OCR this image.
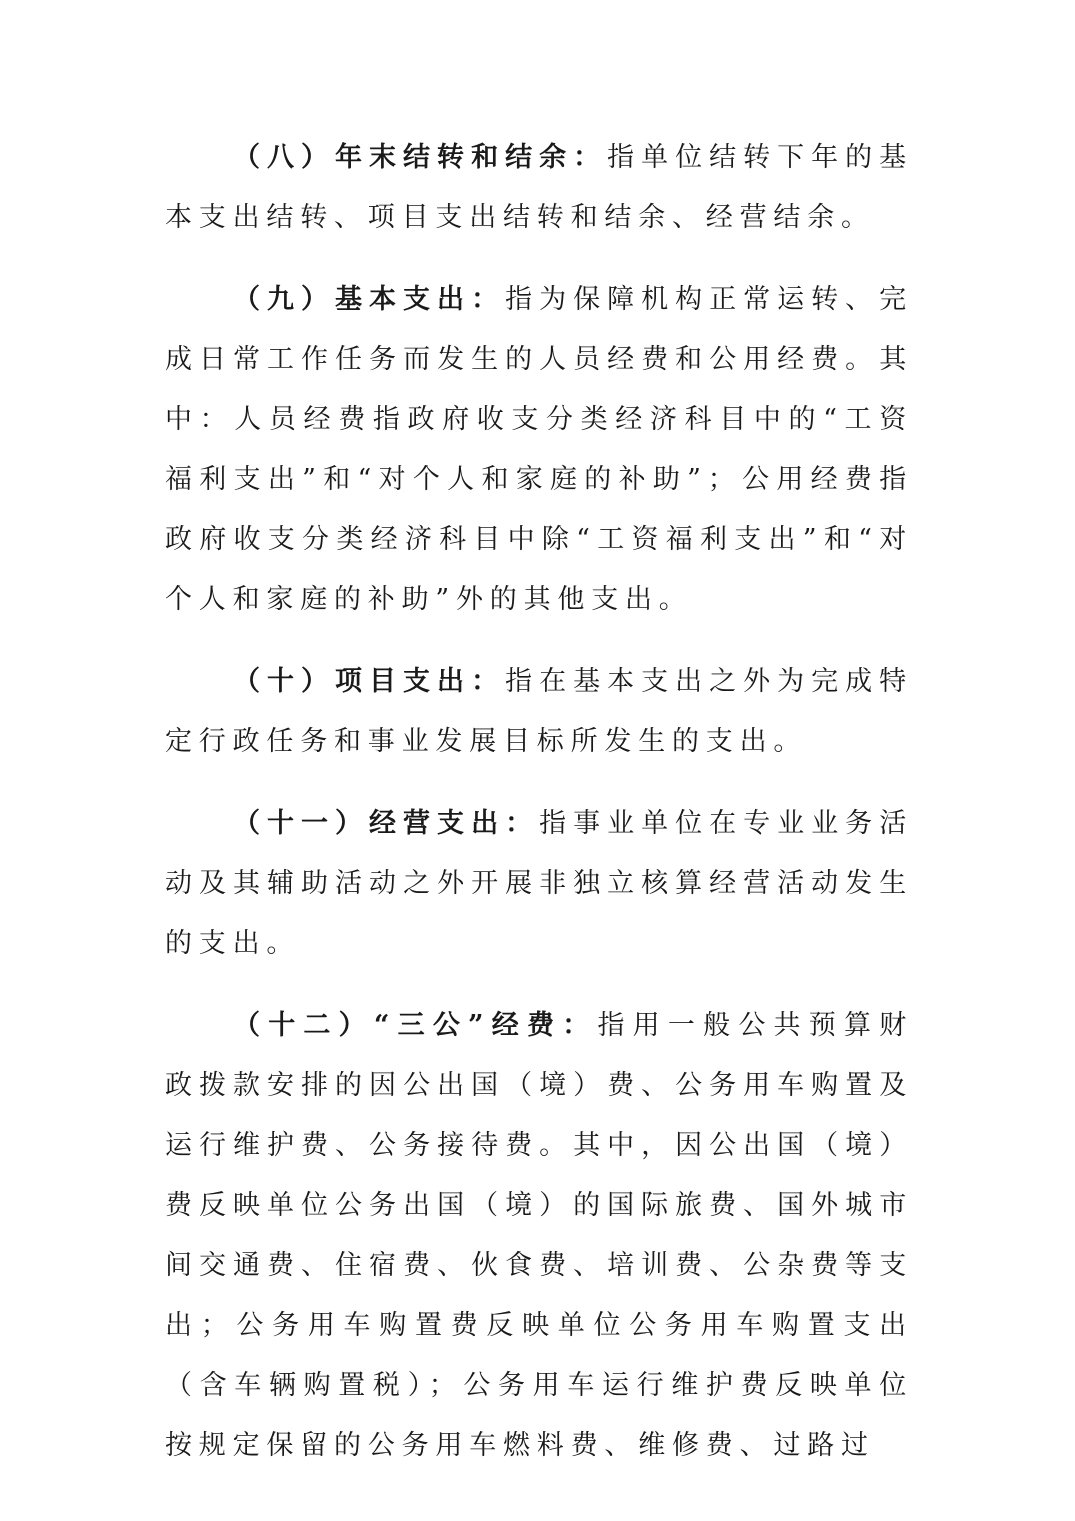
（八）年末结转和结余：指单位结转下年的基本支出结转、项目支出结转和结余、经营结余。

（九）基本支出：指为保障机构正常运转、完成日常工作任务而发生的人员经费和公用经费。其中：人员经费指政府收支分类经济科目中的“工资福利支出”和“对个人和家庭的补助”；公用经费指政府收支分类经济科目中除“工资福利支出”和“对个人和家庭的补助”外的其他支出。

（十）项目支出：指在基本支出之外为完成特定行政任务和事业发展目标所发生的支出。

（十一）经营支出：指事业单位在专业业务活动及其辅助活动之外开展非独立核算经营活动发生的支出。

（十二）“三公”经费：指用一般公共预算财政拨款安排的因公出国（境）费、公务用车购置及运行维护费、公务接待费。其中，因公出国（境）费反映单位公务出国（境）的国际旅费、国外城市间交通费、住宿费、伙食费、培训费、公杂费等支出；公务用车购置费反映单位公务用车购置支出（含车辆购置税）；公务用车运行维护费反映单位按规定保留的公务用车燃料费、维修费、过路过
